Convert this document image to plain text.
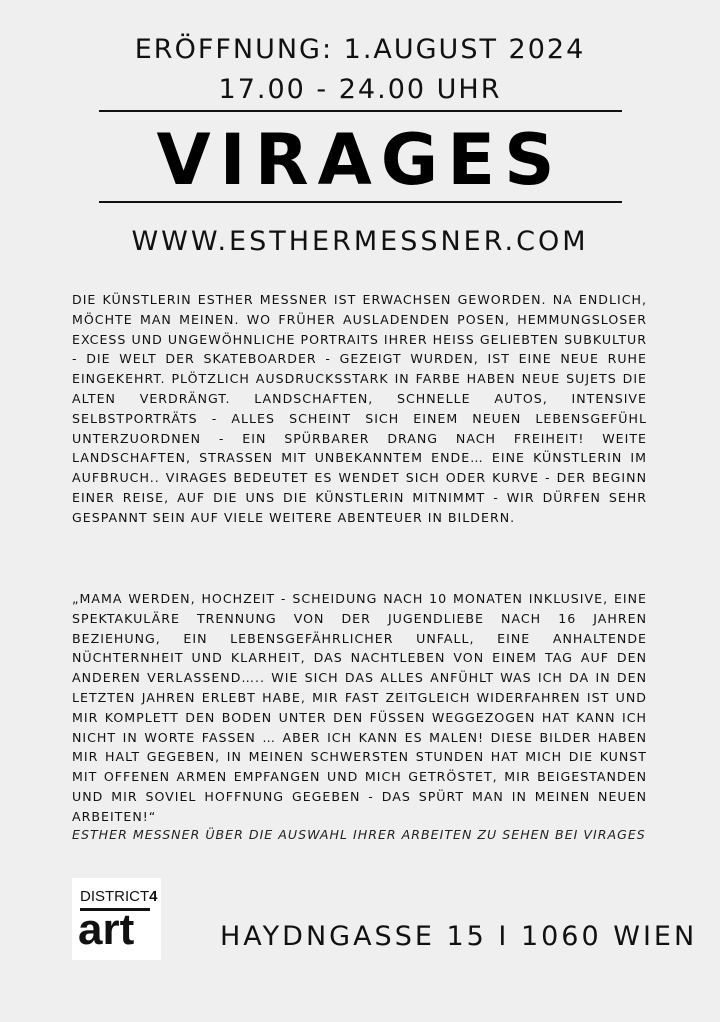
ERÖFFNUNG: 1.AUGUST 2024
17.00 - 24.00 UHR
VIRAGES
WWW.ESTHERMESSNER.COM
DIE KÜNSTLERIN ESTHER MESSNER IST ERWACHSEN GEWORDEN. NA ENDLICH, MÖCHTE MAN MEINEN. WO FRÜHER AUSLADENDEN POSEN, HEMMUNGSLOSER EXCESS UND UNGEWÖHNLICHE PORTRAITS IHRER HEISS GELIEBTEN SUBKULTUR - DIE WELT DER SKATEBOARDER - GEZEIGT WURDEN, IST EINE NEUE RUHE EINGEKEHRT. PLÖTZLICH AUSDRUCKSSTARK IN FARBE HABEN NEUE SUJETS DIE ALTEN VERDRÄNGT. LANDSCHAFTEN, SCHNELLE AUTOS, INTENSIVE SELBSTPORTRÄTS - ALLES SCHEINT SICH EINEM NEUEN LEBENSGEFÜHL UNTERZUORDNEN - EIN SPÜRBARER DRANG NACH FREIHEIT! WEITE LANDSCHAFTEN, STRASSEN MIT UNBEKANNTEM ENDE… EINE KÜNSTLERIN IM AUFBRUCH.. VIRAGES BEDEUTET ES WENDET SICH ODER KURVE - DER BEGINN EINER REISE, AUF DIE UNS DIE KÜNSTLERIN MITNIMMT - WIR DÜRFEN SEHR GESPANNT SEIN AUF VIELE WEITERE ABENTEUER IN BILDERN.
„MAMA WERDEN, HOCHZEIT - SCHEIDUNG NACH 10 MONATEN INKLUSIVE, EINE SPEKTAKULÄRE TRENNUNG VON DER JUGENDLIEBE NACH 16 JAHREN BEZIEHUNG, EIN LEBENSGEFÄHRLICHER UNFALL, EINE ANHALTENDE NÜCHTERNHEIT UND KLARHEIT, DAS NACHTLEBEN VON EINEM TAG AUF DEN ANDEREN VERLASSEND….. WIE SICH DAS ALLES ANFÜHLT WAS ICH DA IN DEN LETZTEN JAHREN ERLEBT HABE, MIR FAST ZEITGLEICH WIDERFAHREN IST UND MIR KOMPLETT DEN BODEN UNTER DEN FÜSSEN WEGGEZOGEN HAT KANN ICH NICHT IN WORTE FASSEN … ABER ICH KANN ES MALEN! DIESE BILDER HABEN MIR HALT GEGEBEN, IN MEINEN SCHWERSTEN STUNDEN HAT MICH DIE KUNST MIT OFFENEN ARMEN EMPFANGEN UND MICH GETRÖSTET, MIR BEIGESTANDEN UND MIR SOVIEL HOFFNUNG GEGEBEN - DAS SPÜRT MAN IN MEINEN NEUEN ARBEITEN!“
ESTHER MESSNER ÜBER DIE AUSWAHL IHRER ARBEITEN ZU SEHEN BEI VIRAGES
DISTRICT4
art	HAYDNGASSE 15 I 1060 WIEN
